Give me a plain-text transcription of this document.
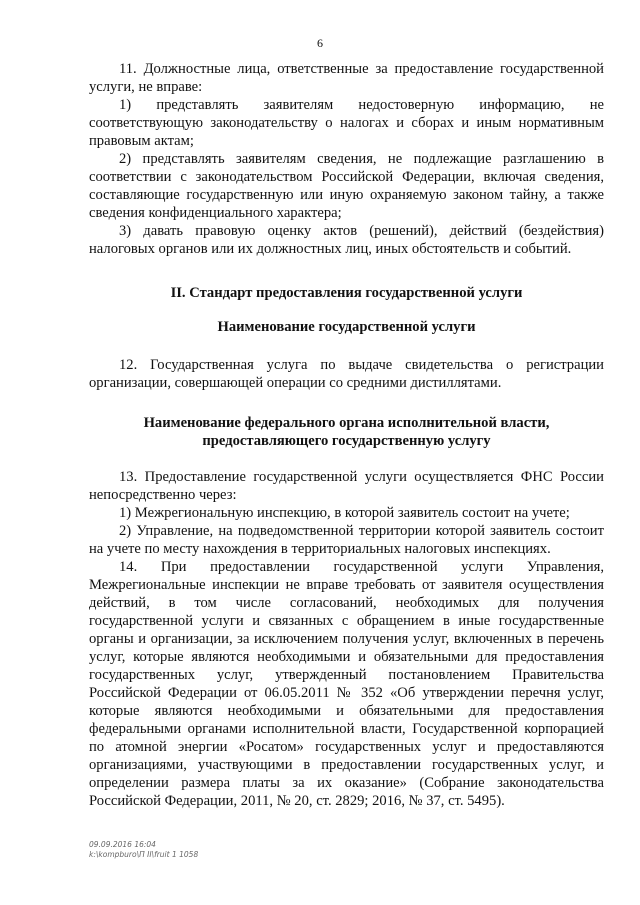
6

11. Должностные лица, ответственные за предоставление государственной услуги, не вправе:

1) представлять заявителям недостоверную информацию, не соответствующую законодательству о налогах и сборах и иным нормативным правовым актам;

2) представлять заявителям сведения, не подлежащие разглашению в соответствии с законодательством Российской Федерации, включая сведения, составляющие государственную или иную охраняемую законом тайну, а также сведения конфиденциального характера;

3) давать правовую оценку актов (решений), действий (бездействия) налоговых органов или их должностных лиц, иных обстоятельств и событий.

II. Стандарт предоставления государственной услуги

Наименование государственной услуги

12. Государственная услуга по выдаче свидетельства о регистрации организации, совершающей операции со средними дистиллятами.

Наименование федерального органа исполнительной власти,

предоставляющего государственную услугу

13. Предоставление государственной услуги осуществляется ФНС России непосредственно через:

1) Межрегиональную инспекцию, в которой заявитель состоит на учете;

2) Управление, на подведомственной территории которой заявитель состоит на учете по месту нахождения в территориальных налоговых инспекциях.

14. При предоставлении государственной услуги Управления, Межрегиональные инспекции не вправе требовать от заявителя осуществления действий, в том числе согласований, необходимых для получения государственной услуги и связанных с обращением в иные государственные органы и организации, за исключением получения услуг, включенных в перечень услуг, которые являются необходимыми и обязательными для предоставления государственных услуг, утвержденный постановлением Правительства Российской Федерации от 06.05.2011 № 352 «Об утверждении перечня услуг, которые являются необходимыми и обязательными для предоставления федеральными органами исполнительной власти, Государственной корпорацией по атомной энергии «Росатом» государственных услуг и предоставляются организациями, участвующими в предоставлении государственных услуг, и определении размера платы за их оказание» (Собрание законодательства Российской Федерации, 2011, № 20, ст. 2829; 2016, № 37, ст. 5495).

09.09.2016 16:04
k:\kompburo\П II\fruit 1 1058
